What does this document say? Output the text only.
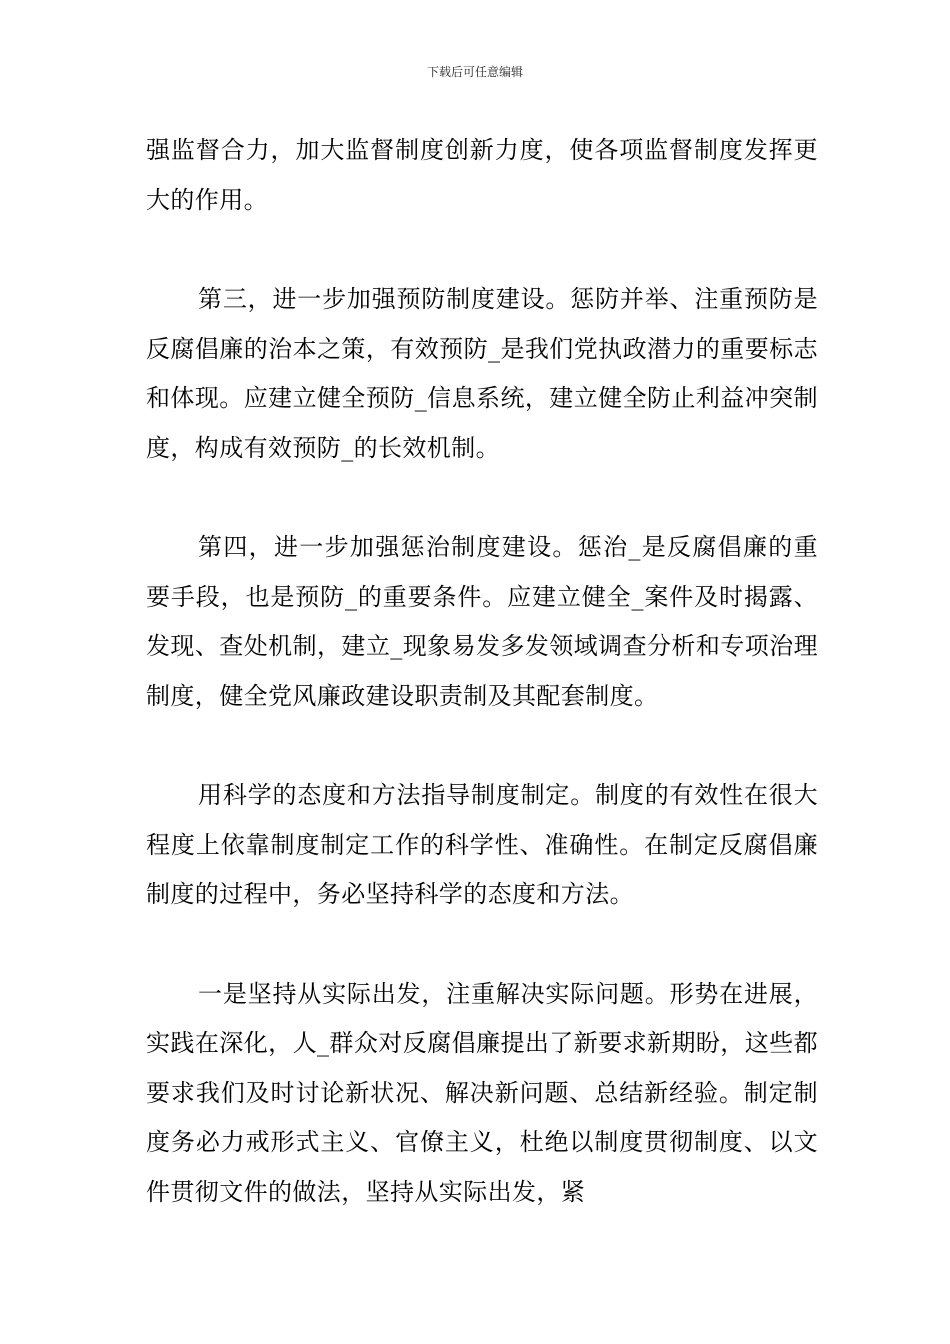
下载后可任意编辑

强监督合力，加大监督制度创新力度，使各项监督制度发挥更大的作用。

第三，进一步加强预防制度建设。惩防并举、注重预防是反腐倡廉的治本之策，有效预防_是我们党执政潜力的重要标志和体现。应建立健全预防_信息系统，建立健全防止利益冲突制度，构成有效预防_的长效机制。

第四，进一步加强惩治制度建设。惩治_是反腐倡廉的重要手段，也是预防_的重要条件。应建立健全_案件及时揭露、发现、查处机制，建立_现象易发多发领域调查分析和专项治理制度，健全党风廉政建设职责制及其配套制度。

用科学的态度和方法指导制度制定。制度的有效性在很大程度上依靠制度制定工作的科学性、准确性。在制定反腐倡廉制度的过程中，务必坚持科学的态度和方法。

一是坚持从实际出发，注重解决实际问题。形势在进展，实践在深化，人_群众对反腐倡廉提出了新要求新期盼，这些都要求我们及时讨论新状况、解决新问题、总结新经验。制定制度务必力戒形式主义、官僚主义，杜绝以制度贯彻制度、以文件贯彻文件的做法，坚持从实际出发，紧
